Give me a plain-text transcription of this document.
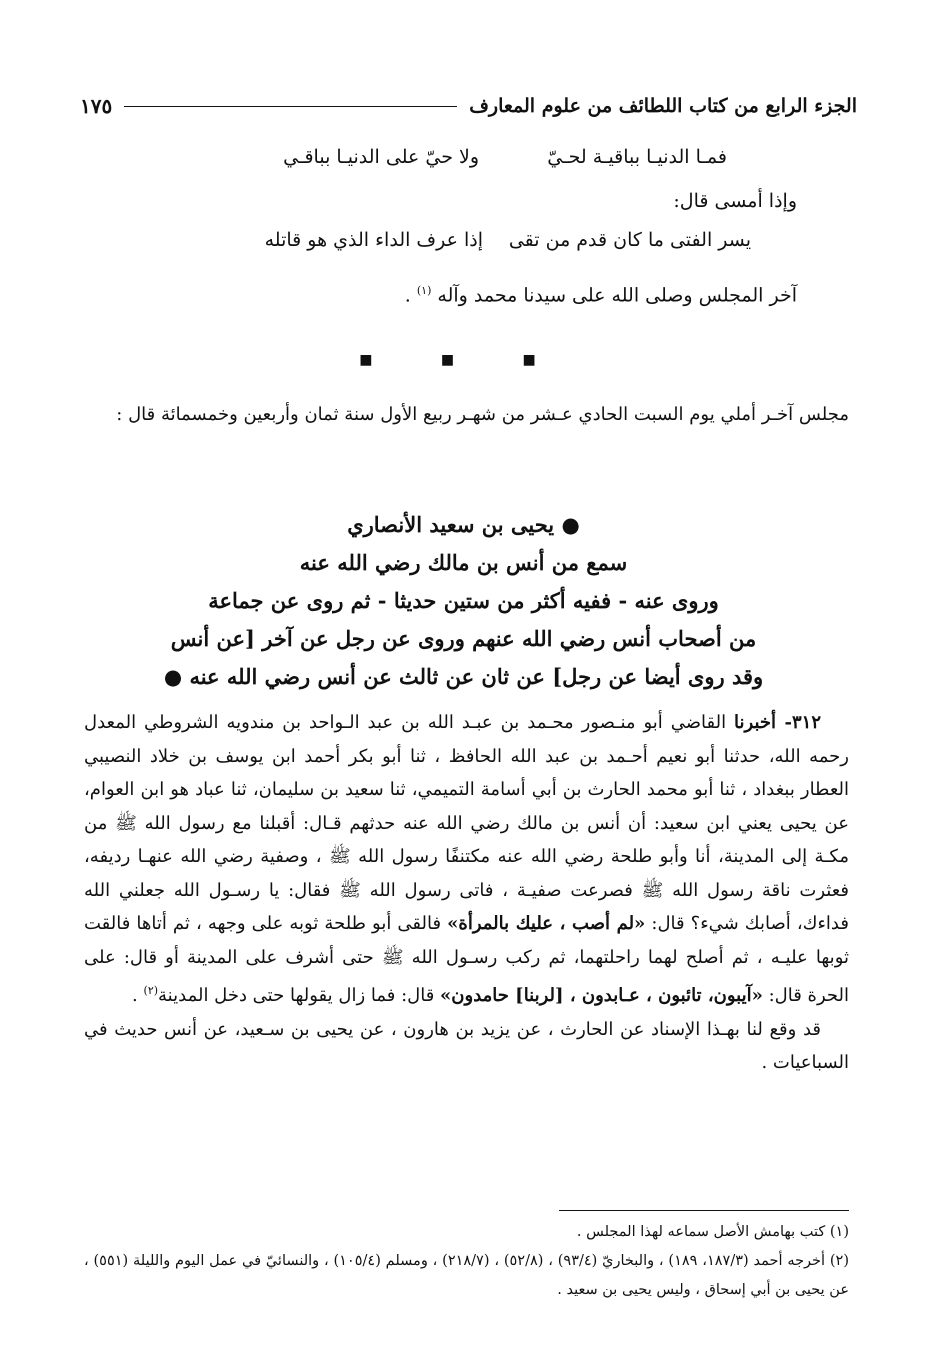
الجزء الرابع من كتاب اللطائف من علوم المعارف
١٧٥
فمـا الدنيـا بباقيـة لحـيّ
ولا حيّ على الدنيـا بباقـي
وإذا أمسى قال:
يسر الفتى ما كان قدم من تقى
إذا عرف الداء الذي هو قاتله
آخر المجلس وصلى الله على سيدنا محمد وآله $^{(١)}$ .
■ ■ ■
مجلس آخـر أملي يوم السبت الحادي عـشر من شهـر ربيع الأول سنة ثمان وأربعين وخمسمائة قال :
● يحيى بن سعيد الأنصاري
سمع من أنس بن مالك رضي الله عنه
وروى عنه - ففيه أكثر من ستين حديثا - ثم روى عن جماعة
من أصحاب أنس رضي الله عنهم وروى عن رجل عن آخر [عن أنس
وقد روى أيضا عن رجل] عن ثان عن ثالث عن أنس رضي الله عنه ●

٣١٢- أخبرنا القاضي أبو منـصور محـمد بن عبـد الله بن عبد الـواحد بن مندويه الشروطي المعدل رحمه الله، حدثنا أبو نعيم أحـمد بن عبد الله الحافظ ، ثنا أبو بكر أحمد ابن يوسف بن خلاد النصيبي العطار ببغداد ، ثنا أبو محمد الحارث بن أبي أسامة التميمي، ثنا سعيد بن سليمان، ثنا عباد هو ابن العوام، عن يحيى يعني ابن سعيد: أن أنس بن مالك رضي الله عنه حدثهم قـال: أقبلنا مع رسول الله ﷺ من مكـة إلى المدينة، أنا وأبو طلحة رضي الله عنه مكتنفًا رسول الله ﷺ ، وصفية رضي الله عنهـا رديفه، فعثرت ناقة رسول الله ﷺ فصرعت صفيـة ، فاتى رسول الله ﷺ فقال: يا رسـول الله جعلني الله فداءك، أصابك شيء؟ قال: «لم أصب ، عليك بالمرأة» فالقى أبو طلحة ثوبه على وجهه ، ثم أتاها فالقت ثوبها عليـه ، ثم أصلح لهما راحلتهما، ثم ركب رسـول الله ﷺ حتى أشرف على المدينة أو قال: على الحرة قال: «آيبون، تائبون ، عـابدون ، [لربنا] حامدون» قال: فما زال يقولها حتى دخل المدينة$^{(٢)}$ .

قد وقع لنا بهـذا الإسناد عن الحارث ، عن يزيد بن هارون ، عن يحيى بن سـعيد، عن أنس حديث في السباعيات .

(١) كتب بهامش الأصل سماعه لهذا المجلس .

(٢) أخرجه أحمد (١٨٧/٣، ١٨٩) ، والبخاريّ (٩٣/٤) ، (٥٢/٨) ، (٢١٨/٧) ، ومسلم (١٠٥/٤) ، والنسائيّ في عمل اليوم والليلة (٥٥١) ، عن يحيى بن أبي إسحاق ، وليس يحيى بن سعيد .
